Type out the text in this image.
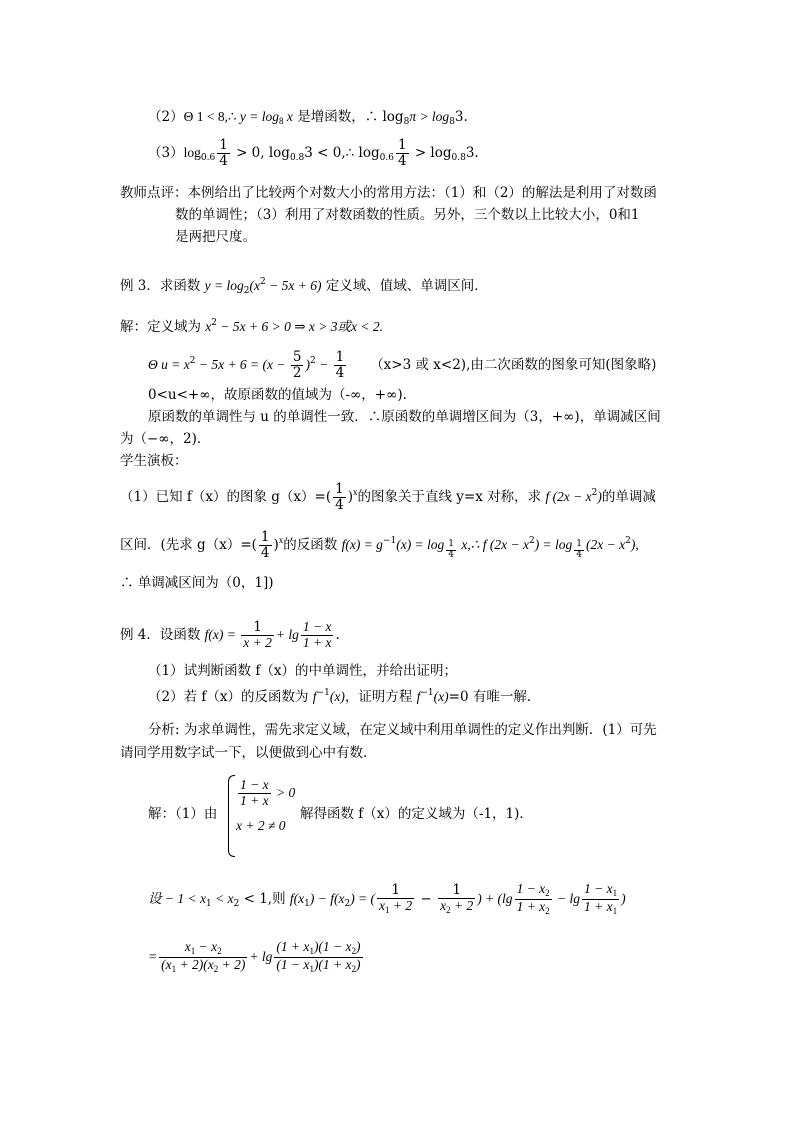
（2）Θ 1 < 8,∴ $y = \log_8 x$ 是增函数，∴ $\log_8\pi > \log_83$.
$(3)\log_{0.6} \frac{1}{4} > 0$, $\log_{0.8}3$ < 0,∴ $\log_{0.6} \frac{1}{4} > \log_{0.8}3$.
教师点评：本例给出了比较两个对数大小的常用方法：（1）和（2）的解法是利用了对数函
数的单调性；（3）利用了对数函数的性质。另外，三个数以上比较大小，0和1
是两把尺度。
例 3．求函数 $y = \log_2(x^2 - 5x + 6)$ 定义域、值域、单调区间．
解：定义域为 $x^2 - 5x + 6 > 0$ ⇒ x > 3或x < 2.
Θ $u = x^2 - 5x + 6 = (x - \frac{5}{2} )^2 - \frac{1}{4} (x>3$ 或 x<2),由二次函数的图象可知(图象略)
0<u<+∞，故原函数的值域为（-∞，+∞).
原函数的单调性与 u 的单调性一致．∴原函数的单调增区间为（3，+∞)，单调减区间
为（−∞，2)．
学生演板：
（1）已知 f（x）的图象 $g(x)=( \frac{1}{4} )^x$的图象关于直线 y=x 对称，求 f $(2x - x^2)$的单调减
区间．(先求 $g(x)=( \frac{1}{4} )^x$的反函数 $f(x) = g^{-1}(x) = \log \frac{1}{4}$ x,∴ f $(2x - x^2) = \log \frac{1}{4} (2x - x^2)$,
∴ 单调减区间为（0，1])
例 4．设函数 $f(x) = \frac{1}{x + 2} + \lg \frac{1 - x}{1 + x}$ .
（1）试判断函数 f（x）的中单调性，并给出证明；
（2）若 f（x）的反函数为 $f^{-1}(x)$，证明方程 $f^{-1}(x)=0$ 有唯一解．
分析: 为求单调性，需先求定义域，在定义域中利用单调性的定义作出判断．(1）可先
请同学用数字试一下，以便做到心中有数．
解：（1）由
$\frac{1 - x}{1 + x} > 0$
x + 2 ≠ 0
解得函数 f（x）的定义域为（-1，1)．
设 − $1 < x_1 < x_2 < 1$,则 $f(x_1) - f(x_2)$ = ( $\frac{1}{x_1 + 2} - \frac{1}{x_2 + 2}$ ) + ($\lg \frac{1 - x_2}{1 + x_2} - \lg \frac{1 - x_1}{1 + x_1}$ )
= $\frac{x_1 - x_2}{(x_1 + 2)(x_2 + 2)} + \lg \frac{(1 + x_1)(1 - x_2)}{(1 - x_1)(1 + x_2)}$
